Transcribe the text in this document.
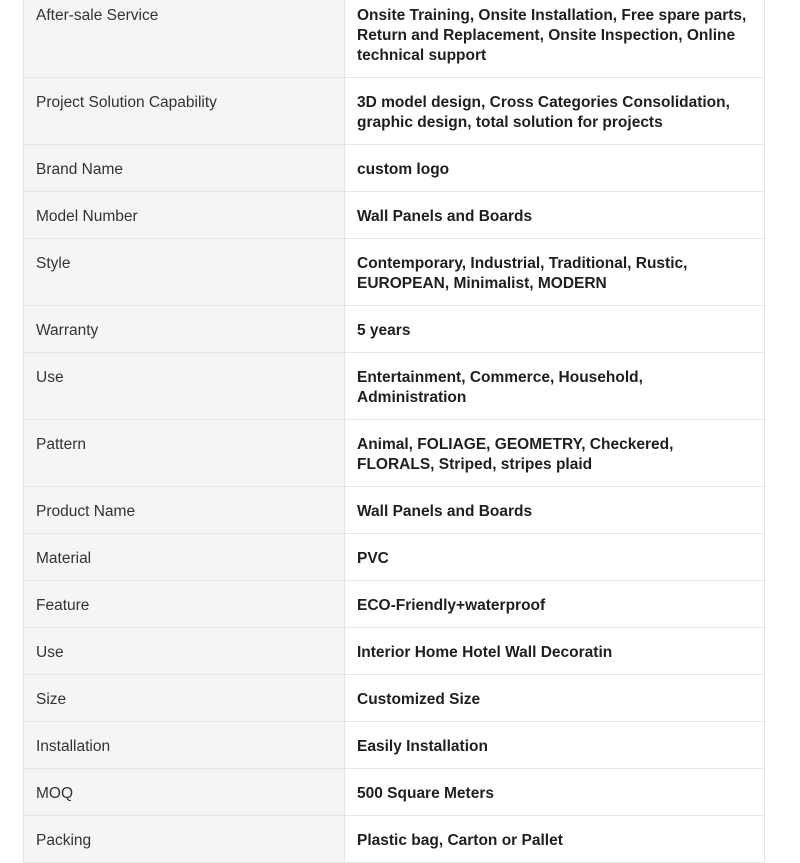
After-sale Service	Onsite Training, Onsite Installation, Free spare parts, Return and Replacement, Onsite Inspection, Online technical support
Project Solution Capability	3D model design, Cross Categories Consolidation, graphic design, total solution for projects
Brand Name	custom logo
Model Number	Wall Panels and Boards
Style	Contemporary, Industrial, Traditional, Rustic, EUROPEAN, Minimalist, MODERN
Warranty	5 years
Use	Entertainment, Commerce, Household, Administration
Pattern	Animal, FOLIAGE, GEOMETRY, Checkered, FLORALS, Striped, stripes plaid
Product Name	Wall Panels and Boards
Material	PVC
Feature	ECO-Friendly+waterproof
Use	Interior Home Hotel Wall Decoratin
Size	Customized Size
Installation	Easily Installation
MOQ	500 Square Meters
Packing	Plastic bag, Carton or Pallet
